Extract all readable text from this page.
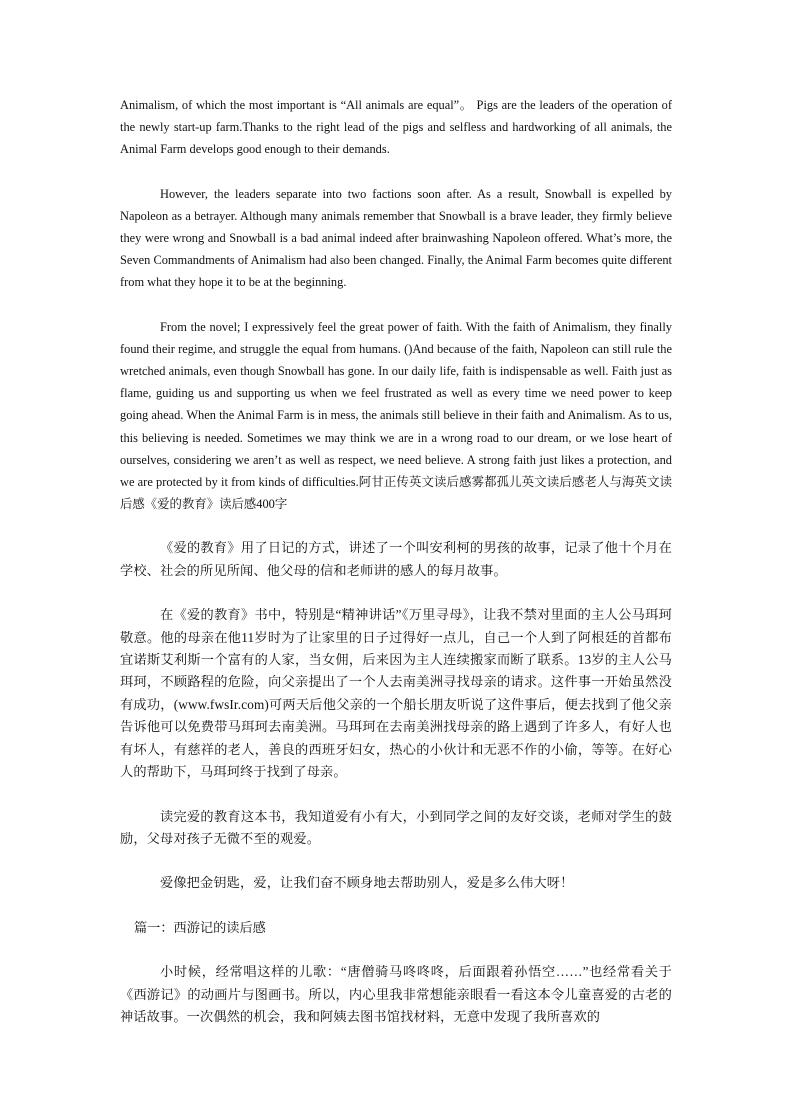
Animalism, of which the most important is “All animals are equal”。 Pigs are the leaders of the operation of the newly start-up farm.Thanks to the right lead of the pigs and selfless and hardworking of all animals, the Animal Farm develops good enough to their demands.

However, the leaders separate into two factions soon after. As a result, Snowball is expelled by Napoleon as a betrayer. Although many animals remember that Snowball is a brave leader, they firmly believe they were wrong and Snowball is a bad animal indeed after brainwashing Napoleon offered. What’s more, the Seven Commandments of Animalism had also been changed. Finally, the Animal Farm becomes quite different from what they hope it to be at the beginning.

From the novel; I expressively feel the great power of faith. With the faith of Animalism, they finally found their regime, and struggle the equal from humans. ()And because of the faith, Napoleon can still rule the wretched animals, even though Snowball has gone. In our daily life, faith is indispensable as well. Faith just as flame, guiding us and supporting us when we feel frustrated as well as every time we need power to keep going ahead. When the Animal Farm is in mess, the animals still believe in their faith and Animalism. As to us, this believing is needed. Sometimes we may think we are in a wrong road to our dream, or we lose heart of ourselves, considering we aren’t as well as respect, we need believe. A strong faith just likes a protection, and we are protected by it from kinds of difficulties.阿甘正传英文读后感雾都孤儿英文读后感老人与海英文读后感《爱的教育》读后感400字

《爱的教育》用了日记的方式，讲述了一个叫安利柯的男孩的故事，记录了他十个月在学校、社会的所见所闻、他父母的信和老师讲的感人的每月故事。

在《爱的教育》书中，特别是“精神讲话”《万里寻母》，让我不禁对里面的主人公马珥珂敬意。他的母亲在他11岁时为了让家里的日子过得好一点儿，自己一个人到了阿根廷的首都布宜诺斯艾利斯一个富有的人家，当女佣，后来因为主人连续搬家而断了联系。13岁的主人公马珥珂，不顾路程的危险，向父亲提出了一个人去南美洲寻找母亲的请求。这件事一开始虽然没有成功，(www.fwsIr.com)可两天后他父亲的一个船长朋友听说了这件事后，便去找到了他父亲告诉他可以免费带马珥珂去南美洲。马珥珂在去南美洲找母亲的路上遇到了许多人，有好人也有坏人，有慈祥的老人，善良的西班牙妇女，热心的小伙计和无恶不作的小偷，等等。在好心人的帮助下，马珥珂终于找到了母亲。

读完爱的教育这本书，我知道爱有小有大，小到同学之间的友好交谈，老师对学生的鼓励，父母对孩子无微不至的观爱。

爱像把金钥匙，爱，让我们奋不顾身地去帮助别人，爱是多么伟大呀！

篇一：西游记的读后感

小时候，经常唱这样的儿歌：“唐僧骑马咚咚咚，后面跟着孙悟空……”也经常看关于《西游记》的动画片与图画书。所以，内心里我非常想能亲眼看一看这本令儿童喜爱的古老的神话故事。一次偶然的机会，我和阿姨去图书馆找材料，无意中发现了我所喜欢的
